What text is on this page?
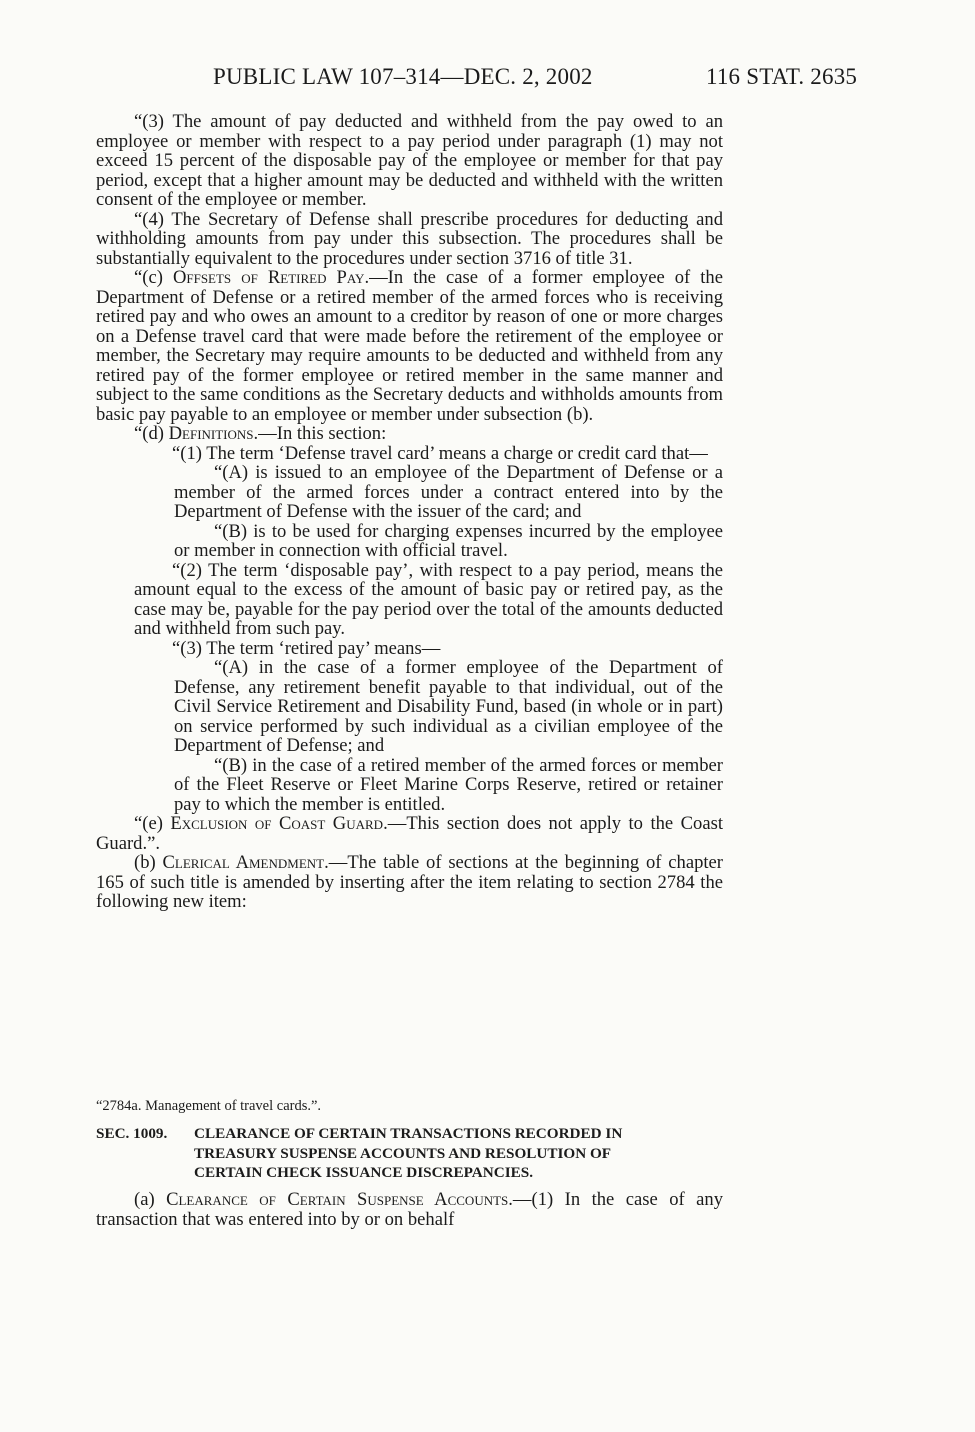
PUBLIC LAW 107–314—DEC. 2, 2002	116 STAT. 2635

“(3) The amount of pay deducted and withheld from the pay owed to an employee or member with respect to a pay period under paragraph (1) may not exceed 15 percent of the disposable pay of the employee or member for that pay period, except that a higher amount may be deducted and withheld with the written consent of the employee or member.

“(4) The Secretary of Defense shall prescribe procedures for deducting and withholding amounts from pay under this subsection. The procedures shall be substantially equivalent to the procedures under section 3716 of title 31.

“(c) Offsets of Retired Pay.—In the case of a former employee of the Department of Defense or a retired member of the armed forces who is receiving retired pay and who owes an amount to a creditor by reason of one or more charges on a Defense travel card that were made before the retirement of the employee or member, the Secretary may require amounts to be deducted and withheld from any retired pay of the former employee or retired member in the same manner and subject to the same conditions as the Secretary deducts and withholds amounts from basic pay payable to an employee or member under subsection (b).

“(d) Definitions.—In this section:

“(1) The term ‘Defense travel card’ means a charge or credit card that—

“(A) is issued to an employee of the Department of Defense or a member of the armed forces under a contract entered into by the Department of Defense with the issuer of the card; and

“(B) is to be used for charging expenses incurred by the employee or member in connection with official travel.

“(2) The term ‘disposable pay’, with respect to a pay period, means the amount equal to the excess of the amount of basic pay or retired pay, as the case may be, payable for the pay period over the total of the amounts deducted and withheld from such pay.

“(3) The term ‘retired pay’ means—

“(A) in the case of a former employee of the Department of Defense, any retirement benefit payable to that individual, out of the Civil Service Retirement and Disability Fund, based (in whole or in part) on service performed by such individual as a civilian employee of the Department of Defense; and

“(B) in the case of a retired member of the armed forces or member of the Fleet Reserve or Fleet Marine Corps Reserve, retired or retainer pay to which the member is entitled.

“(e) Exclusion of Coast Guard.—This section does not apply to the Coast Guard.”.

(b) Clerical Amendment.—The table of sections at the beginning of chapter 165 of such title is amended by inserting after the item relating to section 2784 the following new item:

“2784a. Management of travel cards.”.
SEC. 1009. CLEARANCE OF CERTAIN TRANSACTIONS RECORDED IN
TREASURY SUSPENSE ACCOUNTS AND RESOLUTION OF
CERTAIN CHECK ISSUANCE DISCREPANCIES.

(a) Clearance of Certain Suspense Accounts.—(1) In the case of any transaction that was entered into by or on behalf
